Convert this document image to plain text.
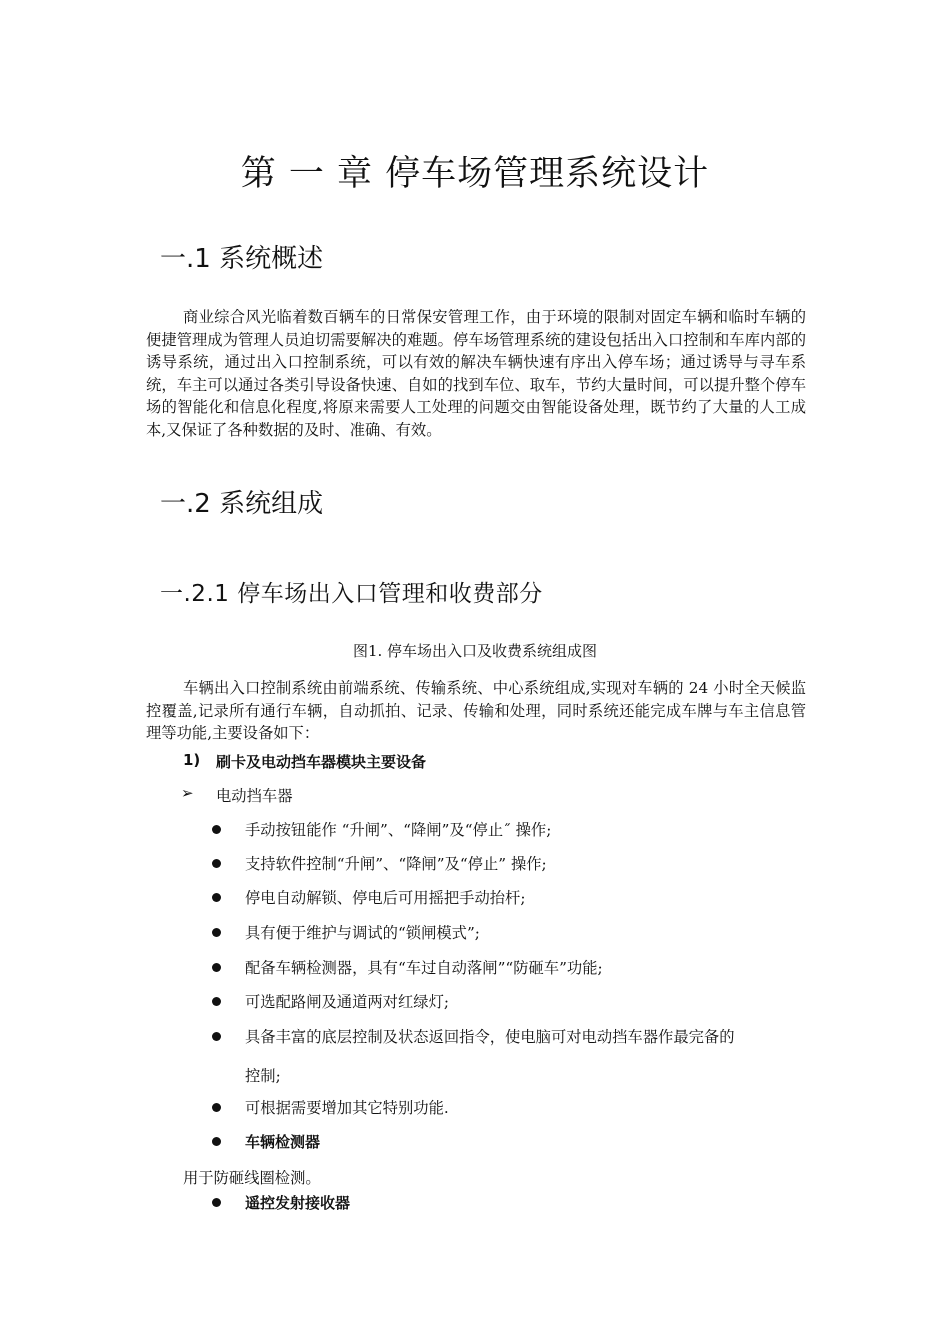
第 一 章 停车场管理系统设计
一.1 系统概述

商业综合风光临着数百辆车的日常保安管理工作，由于环境的限制对固定车辆和临时车辆的便捷管理成为管理人员迫切需要解决的难题。停车场管理系统的建设包括出入口控制和车库内部的诱导系统，通过出入口控制系统，可以有效的解决车辆快速有序出入停车场；通过诱导与寻车系统，车主可以通过各类引导设备快速、自如的找到车位、取车，节约大量时间，可以提升整个停车场的智能化和信息化程度,将原来需要人工处理的问题交由智能设备处理，既节约了大量的人工成本,又保证了各种数据的及时、准确、有效。

一.2 系统组成
一.2.1 停车场出入口管理和收费部分
图1. 停车场出入口及收费系统组成图

车辆出入口控制系统由前端系统、传输系统、中心系统组成,实现对车辆的 24 小时全天候监控覆盖,记录所有通行车辆，自动抓拍、记录、传输和处理，同时系统还能完成车牌与车主信息管理等功能,主要设备如下：

1) 刷卡及电动挡车器模块主要设备
➢ 电动挡车器
手动按钮能作 “升闸”、“降闸”及“停止˝ 操作;
支持软件控制“升闸”、“降闸”及“停止” 操作;
停电自动解锁、停电后可用摇把手动抬杆;
具有便于维护与调试的“锁闸模式”;
配备车辆检测器，具有“车过自动落闸”“防砸车”功能;
可选配路闸及通道两对红绿灯;
具备丰富的底层控制及状态返回指令，使电脑可对电动挡车器作最完备的
控制;
可根据需要增加其它特别功能.
车辆检测器
用于防砸线圈检测。
遥控发射接收器
